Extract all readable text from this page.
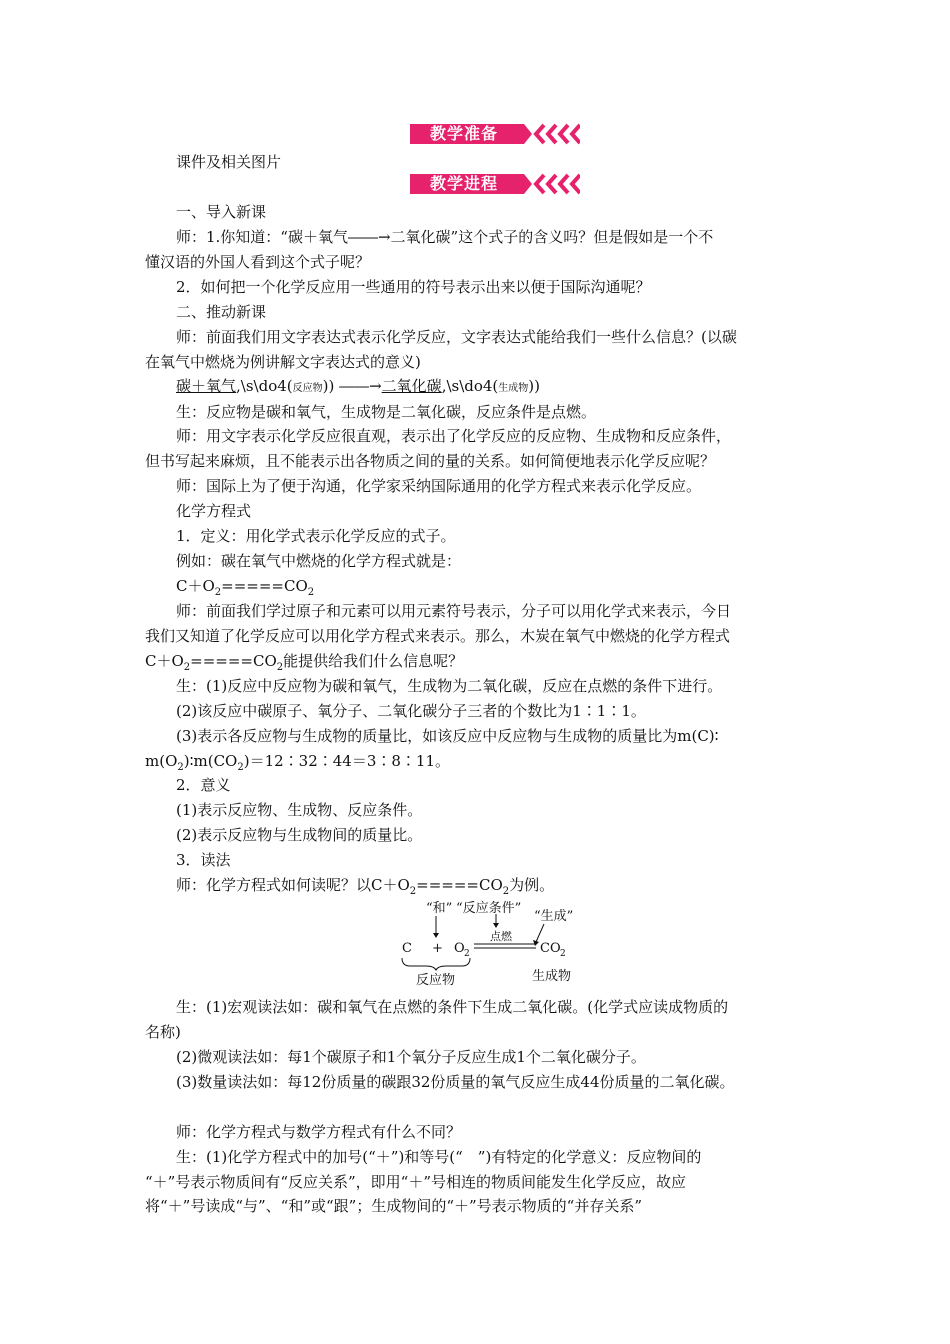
教学准备
课件及相关图片
教学进程
一、导入新课
师：1.你知道：“碳＋氧气――→二氧化碳”这个式子的含义吗？但是假如是一个不
懂汉语的外国人看到这个式子呢？
2．如何把一个化学反应用一些通用的符号表示出来以便于国际沟通呢？
二、推动新课
师：前面我们用文字表达式表示化学反应，文字表达式能给我们一些什么信息？(以碳
在氧气中燃烧为例讲解文字表达式的意义)
碳＋氧气,\s\do4(反应物)) ――→二氧化碳,\s\do4(生成物))
生：反应物是碳和氧气，生成物是二氧化碳，反应条件是点燃。
师：用文字表示化学反应很直观，表示出了化学反应的反应物、生成物和反应条件，
但书写起来麻烦，且不能表示出各物质之间的量的关系。如何简便地表示化学反应呢？
师：国际上为了便于沟通，化学家采纳国际通用的化学方程式来表示化学反应。
化学方程式
1．定义：用化学式表示化学反应的式子。
例如：碳在氧气中燃烧的化学方程式就是：
$C+O_2=====CO_2$
师：前面我们学过原子和元素可以用元素符号表示，分子可以用化学式来表示，今日
我们又知道了化学反应可以用化学方程式来表示。那么，木炭在氧气中燃烧的化学方程式
$C+O_2=====CO_2$能提供给我们什么信息呢？
生：(1)反应中反应物为碳和氧气，生成物为二氧化碳，反应在点燃的条件下进行。
(2)该反应中碳原子、氧分子、二氧化碳分子三者的个数比为1∶1∶1。
(3)表示各反应物与生成物的质量比，如该反应中反应物与生成物的质量比为m(C)∶
$m(O_2)∶m(CO_2)=12∶32∶44=3∶8∶11$。
2．意义
(1)表示反应物、生成物、反应条件。
(2)表示反应物与生成物间的质量比。
3．读法
师：化学方程式如何读呢？以$C+O_2=====CO_2$为例。
“和” “反应条件”
“生成”
C + O 2
点燃
CO 2
反应物	生成物
生：(1)宏观读法如：碳和氧气在点燃的条件下生成二氧化碳。(化学式应读成物质的
名称)
(2)微观读法如：每1个碳原子和1个氧分子反应生成1个二氧化碳分子。
(3)数量读法如：每12份质量的碳跟32份质量的氧气反应生成44份质量的二氧化碳。
师：化学方程式与数学方程式有什么不同？
生：(1)化学方程式中的加号(“＋”)和等号(“　”)有特定的化学意义：反应物间的
“＋”号表示物质间有“反应关系”，即用“＋”号相连的物质间能发生化学反应，故应
将“＋”号读成“与”、“和”或“跟”；生成物间的“＋”号表示物质的“并存关系”
